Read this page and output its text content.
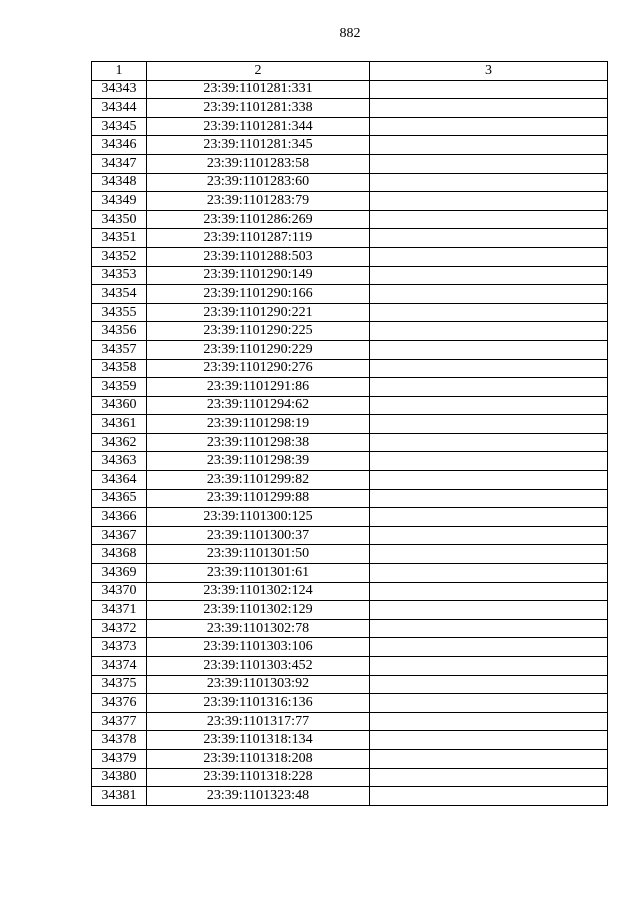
882
1	2	3
34343	23:39:1101281:331	
34344	23:39:1101281:338	
34345	23:39:1101281:344	
34346	23:39:1101281:345	
34347	23:39:1101283:58	
34348	23:39:1101283:60	
34349	23:39:1101283:79	
34350	23:39:1101286:269	
34351	23:39:1101287:119	
34352	23:39:1101288:503	
34353	23:39:1101290:149	
34354	23:39:1101290:166	
34355	23:39:1101290:221	
34356	23:39:1101290:225	
34357	23:39:1101290:229	
34358	23:39:1101290:276	
34359	23:39:1101291:86	
34360	23:39:1101294:62	
34361	23:39:1101298:19	
34362	23:39:1101298:38	
34363	23:39:1101298:39	
34364	23:39:1101299:82	
34365	23:39:1101299:88	
34366	23:39:1101300:125	
34367	23:39:1101300:37	
34368	23:39:1101301:50	
34369	23:39:1101301:61	
34370	23:39:1101302:124	
34371	23:39:1101302:129	
34372	23:39:1101302:78	
34373	23:39:1101303:106	
34374	23:39:1101303:452	
34375	23:39:1101303:92	
34376	23:39:1101316:136	
34377	23:39:1101317:77	
34378	23:39:1101318:134	
34379	23:39:1101318:208	
34380	23:39:1101318:228	
34381	23:39:1101323:48	
